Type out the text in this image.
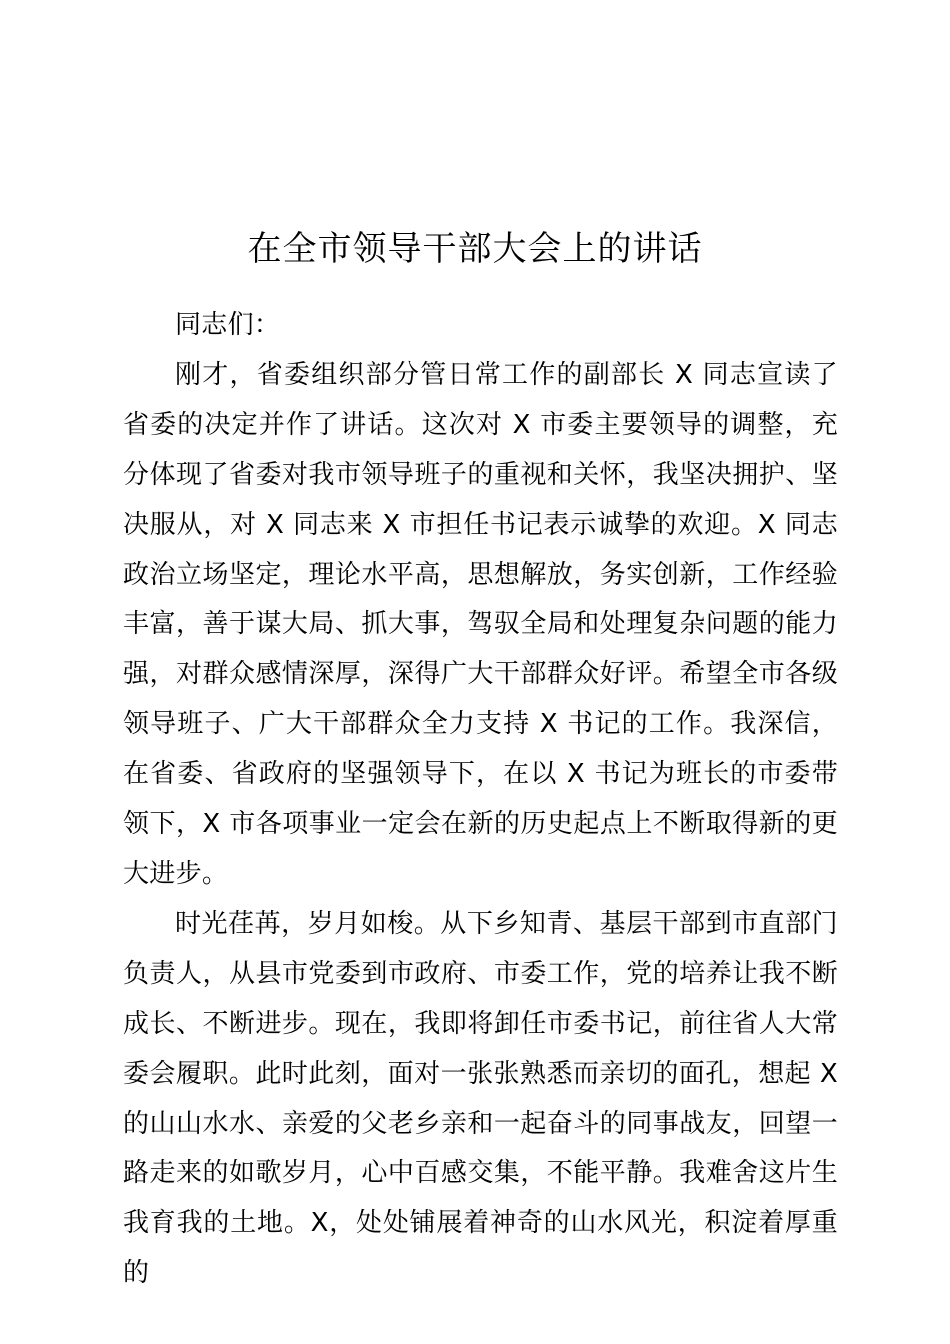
在全市领导干部大会上的讲话

同志们：

刚才，省委组织部分管日常工作的副部长 X 同志宣读了省委的决定并作了讲话。这次对 X 市委主要领导的调整，充分体现了省委对我市领导班子的重视和关怀，我坚决拥护、坚决服从，对 X 同志来 X 市担任书记表示诚挚的欢迎。X 同志政治立场坚定，理论水平高，思想解放，务实创新，工作经验丰富，善于谋大局、抓大事，驾驭全局和处理复杂问题的能力强，对群众感情深厚，深得广大干部群众好评。希望全市各级领导班子、广大干部群众全力支持 X 书记的工作。我深信，在省委、省政府的坚强领导下，在以 X 书记为班长的市委带领下，X 市各项事业一定会在新的历史起点上不断取得新的更大进步。

时光荏苒，岁月如梭。从下乡知青、基层干部到市直部门负责人，从县市党委到市政府、市委工作，党的培养让我不断成长、不断进步。现在，我即将卸任市委书记，前往省人大常委会履职。此时此刻，面对一张张熟悉而亲切的面孔，想起 X 的山山水水、亲爱的父老乡亲和一起奋斗的同事战友，回望一路走来的如歌岁月，心中百感交集，不能平静。我难舍这片生我育我的土地。X，处处铺展着神奇的山水风光，积淀着厚重的
